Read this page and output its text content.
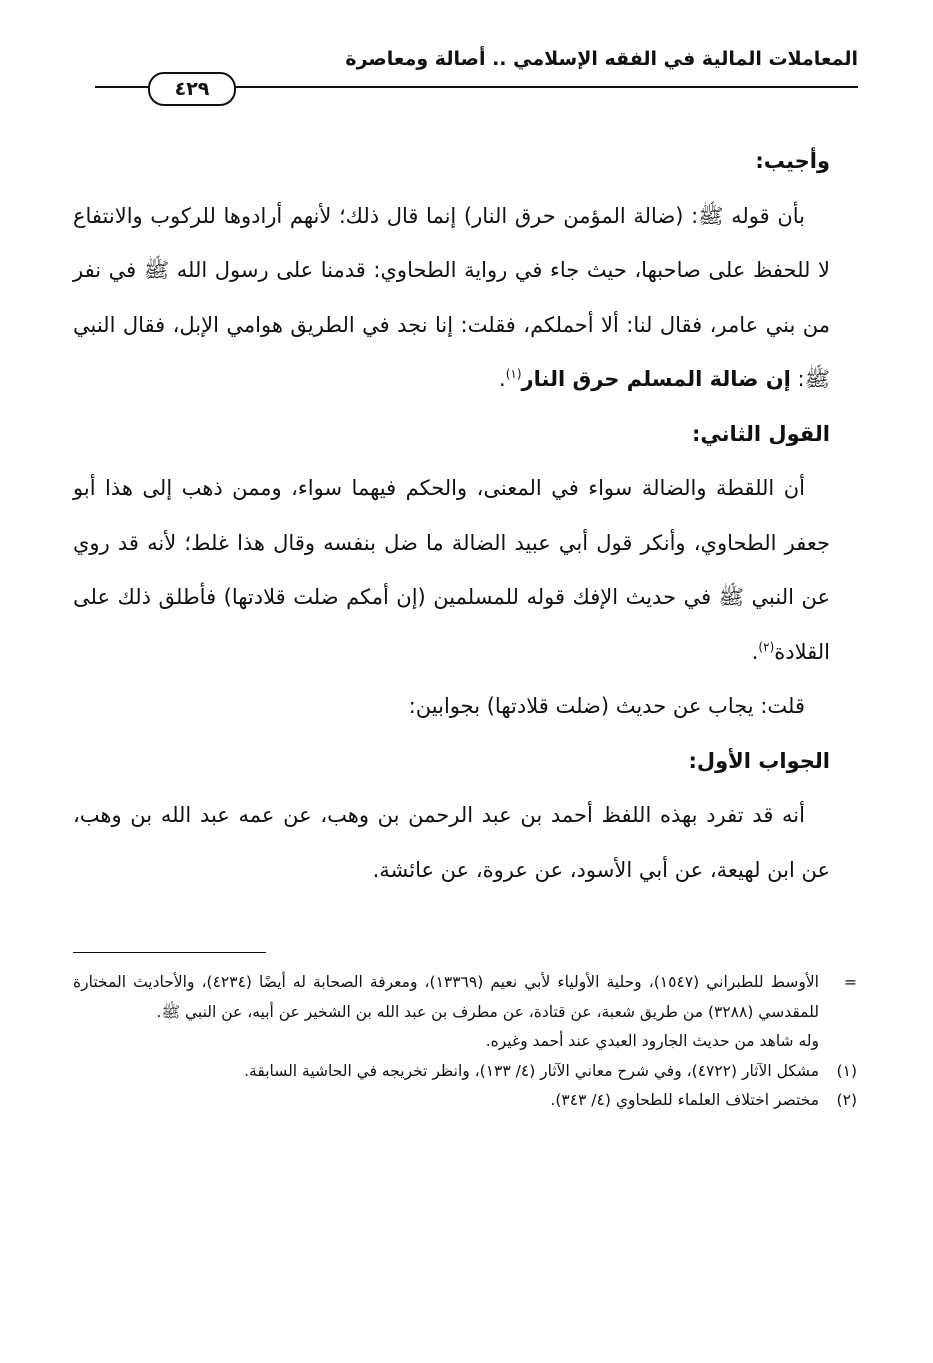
المعاملات المالية في الفقه الإسلامي .. أصالة ومعاصرة
٤٢٩
وأجيب:

بأن قوله ﷺ: (ضالة المؤمن حرق النار) إنما قال ذلك؛ لأنهم أرادوها للركوب والانتفاع لا للحفظ على صاحبها، حيث جاء في رواية الطحاوي: قدمنا على رسول الله ﷺ في نفر من بني عامر، فقال لنا: ألا أحملكم، فقلت: إنا نجد في الطريق هوامي الإبل، فقال النبي ﷺ: إن ضالة المسلم حرق النار$^{(١)}$.

القول الثاني:

أن اللقطة والضالة سواء في المعنى، والحكم فيهما سواء، وممن ذهب إلى هذا أبو جعفر الطحاوي، وأنكر قول أبي عبيد الضالة ما ضل بنفسه وقال هذا غلط؛ لأنه قد روي عن النبي ﷺ في حديث الإفك قوله للمسلمين (إن أمكم ضلت قلادتها) فأطلق ذلك على القلادة$^{(٢)}$.

قلت: يجاب عن حديث (ضلت قلادتها) بجوابين:

الجواب الأول:

أنه قد تفرد بهذه اللفظ أحمد بن عبد الرحمن بن وهب، عن عمه عبد الله بن وهب، عن ابن لهيعة، عن أبي الأسود، عن عروة، عن عائشة.

=
الأوسط للطبراني (١٥٤٧)، وحلية الأولياء لأبي نعيم (١٣٣٦٩)، ومعرفة الصحابة له أيضًا (٤٢٣٤)، والأحاديث المختارة للمقدسي (٣٢٨٨) من طريق شعبة، عن قتادة، عن مطرف بن عبد الله بن الشخير عن أبيه، عن النبي ﷺ.

وله شاهد من حديث الجارود العبدي عند أحمد وغيره.

(١)
مشكل الآثار (٤٧٢٢)، وفي شرح معاني الآثار (٤/ ١٣٣)، وانظر تخريجه في الحاشية السابقة.

(٢)
مختصر اختلاف العلماء للطحاوي (٤/ ٣٤٣).
